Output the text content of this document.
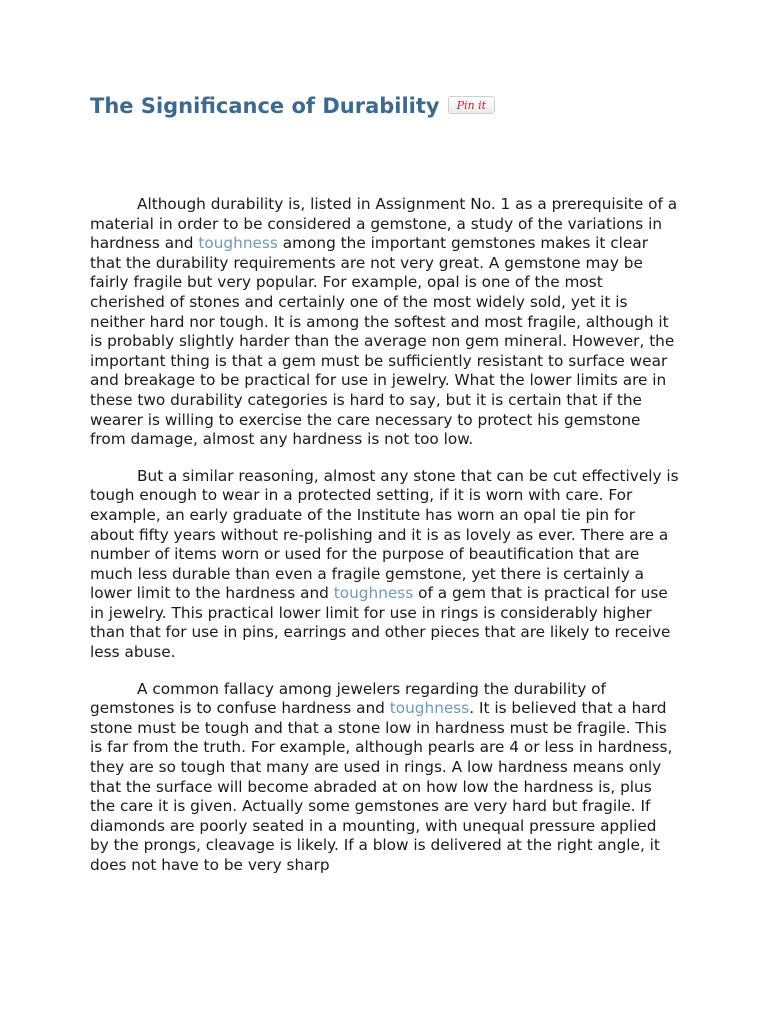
The Significance of Durability	Pin it

Although durability is, listed in Assignment No. 1 as a prerequisite of a material in order to be considered a gemstone, a study of the variations in hardness and toughness among the important gemstones makes it clear that the durability requirements are not very great. A gemstone may be fairly fragile but very popular. For example, opal is one of the most cherished of stones and certainly one of the most widely sold, yet it is neither hard nor tough. It is among the softest and most fragile, although it is probably slightly harder than the average non gem mineral. However, the important thing is that a gem must be sufficiently resistant to surface wear and breakage to be practical for use in jewelry. What the lower limits are in these two durability categories is hard to say, but it is certain that if the wearer is willing to exercise the care necessary to protect his gemstone from damage, almost any hardness is not too low.

But a similar reasoning, almost any stone that can be cut effectively is tough enough to wear in a protected setting, if it is worn with care. For example, an early graduate of the Institute has worn an opal tie pin for about fifty years without re-polishing and it is as lovely as ever. There are a number of items worn or used for the purpose of beautification that are much less durable than even a fragile gemstone, yet there is certainly a lower limit to the hardness and toughness of a gem that is practical for use in jewelry. This practical lower limit for use in rings is considerably higher than that for use in pins, earrings and other pieces that are likely to receive less abuse.

A common fallacy among jewelers regarding the durability of gemstones is to confuse hardness and toughness. It is believed that a hard stone must be tough and that a stone low in hardness must be fragile. This is far from the truth. For example, although pearls are 4 or less in hardness, they are so tough that many are used in rings. A low hardness means only that the surface will become abraded at on how low the hardness is, plus the care it is given. Actually some gemstones are very hard but fragile. If diamonds are poorly seated in a mounting, with unequal pressure applied by the prongs, cleavage is likely. If a blow is delivered at the right angle, it does not have to be very sharp
